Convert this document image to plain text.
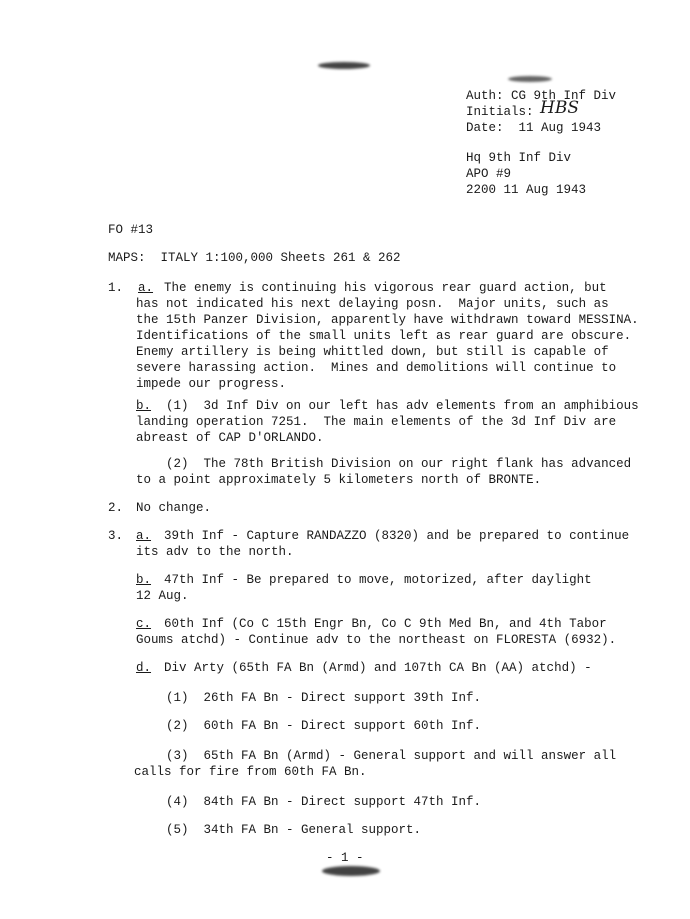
Auth: CG 9th Inf Div
Initials: HBS
Date:  11 Aug 1943
Hq 9th Inf Div
APO #9
2200 11 Aug 1943
FO #13
MAPS:  ITALY 1:100,000 Sheets 261 & 262
1. a. The enemy is continuing his vigorous rear guard action, but
has not indicated his next delaying posn.  Major units, such as
the 15th Panzer Division, apparently have withdrawn toward MESSINA.
Identifications of the small units left as rear guard are obscure.
Enemy artillery is being whittled down, but still is capable of
severe harassing action.  Mines and demolitions will continue to
impede our progress.
b. (1)  3d Inf Div on our left has adv elements from an amphibious
landing operation 7251.  The main elements of the 3d Inf Div are
abreast of CAP D'ORLANDO.
(2)  The 78th British Division on our right flank has advanced
to a point approximately 5 kilometers north of BRONTE.
2. No change.
3. a. 39th Inf - Capture RANDAZZO (8320) and be prepared to continue
its adv to the north.
b. 47th Inf - Be prepared to move, motorized, after daylight
12 Aug.
c. 60th Inf (Co C 15th Engr Bn, Co C 9th Med Bn, and 4th Tabor
Goums atchd) - Continue adv to the northeast on FLORESTA (6932).
d. Div Arty (65th FA Bn (Armd) and 107th CA Bn (AA) atchd) -
(1)  26th FA Bn - Direct support 39th Inf.
(2)  60th FA Bn - Direct support 60th Inf.
(3)  65th FA Bn (Armd) - General support and will answer all
calls for fire from 60th FA Bn.
(4)  84th FA Bn - Direct support 47th Inf.
(5)  34th FA Bn - General support.
- 1 -
